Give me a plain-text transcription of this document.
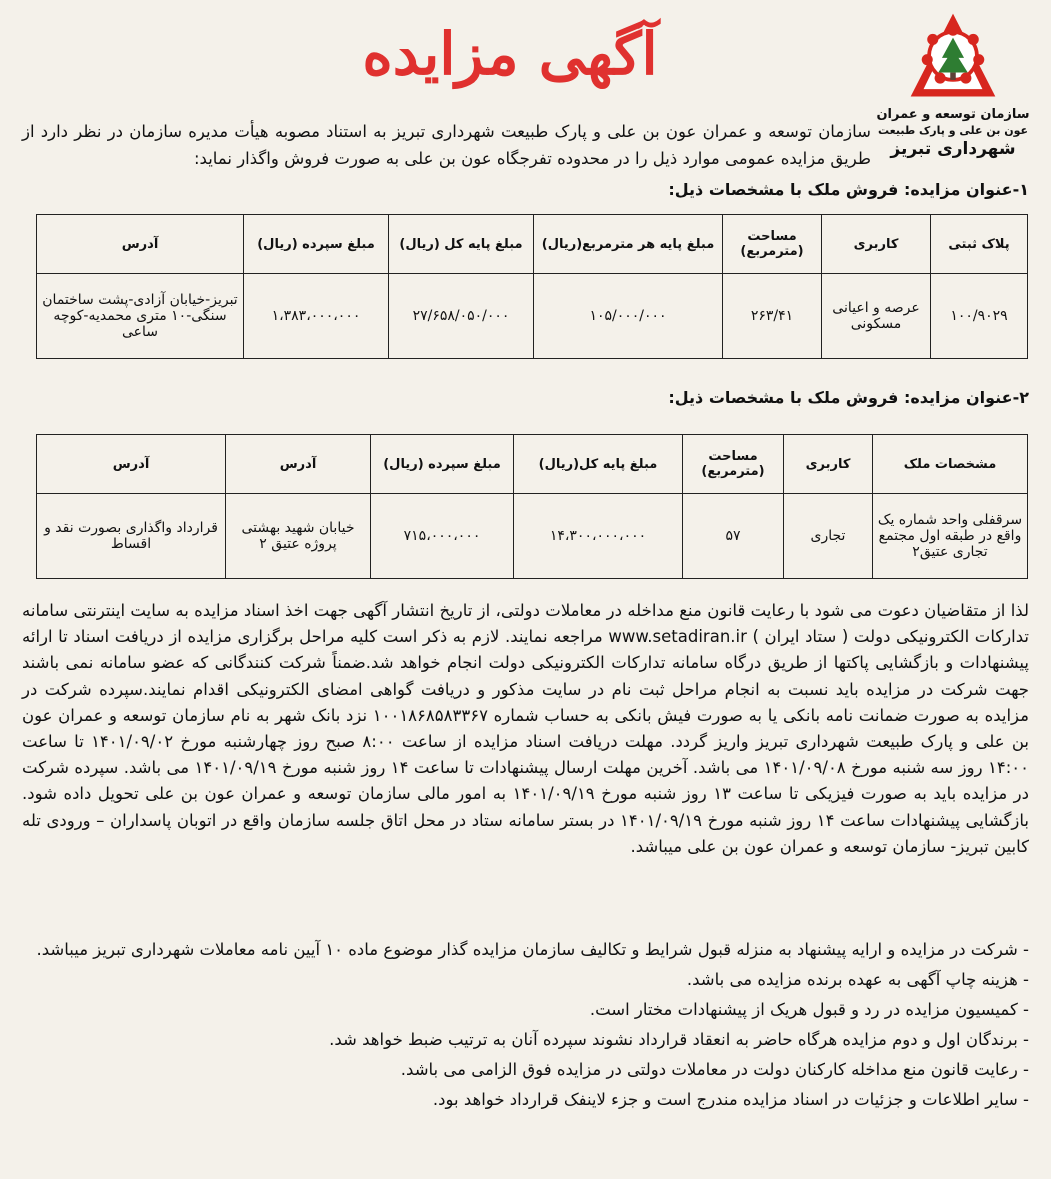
سازمان توسعه و عمران
عون بن علی و پارک طبیعت
شهرداری تبریز
آگهی مزایده
سازمان توسعه و عمران عون بن علی و پارک طبیعت شهرداری تبریز به استناد مصوبه هیأت مدیره سازمان در نظر دارد از طریق مزایده عمومی موارد ذیل را در محدوده تفرجگاه عون بن علی به صورت فروش واگذار نماید:
۱-عنوان مزایده: فروش ملک با مشخصات ذیل:
پلاک ثبتی	کاربری	مساحت (مترمربع)	مبلغ پایه هر مترمربع(ریال)	مبلغ پایه کل (ریال)	مبلغ سپرده (ریال)	آدرس
۱۰۰/۹۰۲۹	عرصه و اعیانی مسکونی	۲۶۳/۴۱	۱۰۵/۰۰۰/۰۰۰	۲۷/۶۵۸/۰۵۰/۰۰۰	۱،۳۸۳،۰۰۰،۰۰۰	تبریز-خیابان آزادی-پشت ساختمان سنگی-۱۰ متری محمدیه-کوچه ساعی
۲-عنوان مزایده: فروش ملک با مشخصات ذیل:
مشخصات ملک	کاربری	مساحت (مترمربع)	مبلغ پایه کل(ریال)	مبلغ سپرده (ریال)	آدرس	آدرس
سرقفلی واحد شماره یک واقع در طبقه اول مجتمع تجاری عتیق۲	تجاری	۵۷	۱۴،۳۰۰،۰۰۰،۰۰۰	۷۱۵،۰۰۰،۰۰۰	خیابان شهید بهشتی پروژه عتیق ۲	قرارداد واگذاری بصورت نقد و اقساط

لذا از متقاضیان دعوت می شود با رعایت قانون منع مداخله در معاملات دولتی، از تاریخ انتشار آگهی جهت اخذ اسناد مزایده به سایت اینترنتی سامانه تدارکات الکترونیکی دولت ( ستاد ایران ) www.setadiran.ir مراجعه نمایند. لازم به ذکر است کلیه مراحل برگزاری مزایده از دریافت اسناد تا ارائه پیشنهادات و بازگشایی پاکتها از طریق درگاه سامانه تدارکات الکترونیکی دولت انجام خواهد شد.ضمناً شرکت کنندگانی که عضو سامانه نمی باشند جهت شرکت در مزایده باید نسبت به انجام مراحل ثبت نام در سایت مذکور و دریافت گواهی امضای الکترونیکی اقدام نمایند.سپرده شرکت در مزایده به صورت ضمانت نامه بانکی یا به صورت فیش بانکی به حساب شماره ۱۰۰۱۸۶۸۵۸۳۳۶۷ نزد بانک شهر به نام سازمان توسعه و عمران عون بن علی و پارک طبیعت شهرداری تبریز واریز گردد. مهلت دریافت اسناد مزایده از ساعت ۸:۰۰ صبح روز چهارشنبه مورخ ۱۴۰۱/۰۹/۰۲ تا ساعت ۱۴:۰۰ روز سه شنبه مورخ ۱۴۰۱/۰۹/۰۸ می باشد. آخرین مهلت ارسال پیشنهادات تا ساعت ۱۴ روز شنبه مورخ ۱۴۰۱/۰۹/۱۹ می باشد. سپرده شرکت در مزایده باید به صورت فیزیکی تا ساعت ۱۳ روز شنبه مورخ ۱۴۰۱/۰۹/۱۹ به امور مالی سازمان توسعه و عمران عون بن علی تحویل داده شود. بازگشایی پیشنهادات ساعت ۱۴ روز شنبه مورخ ۱۴۰۱/۰۹/۱۹ در بستر سامانه ستاد در محل اتاق جلسه سازمان واقع در اتوبان پاسداران – ورودی تله کابین تبریز- سازمان توسعه و عمران عون بن علی میباشد.

- شرکت در مزایده و ارایه پیشنهاد به منزله قبول شرایط و تکالیف سازمان مزایده گذار موضوع ماده ۱۰ آیین نامه معاملات شهرداری تبریز میباشد.
- هزینه چاپ آگهی به عهده برنده مزایده می باشد.
- کمیسیون مزایده در رد و قبول هریک از پیشنهادات مختار است.
- برندگان اول و دوم مزایده هرگاه حاضر به انعقاد قرارداد نشوند سپرده آنان به ترتیب ضبط خواهد شد.
- رعایت قانون منع مداخله کارکنان دولت در معاملات دولتی در مزایده فوق الزامی می باشد.
- سایر اطلاعات و جزئیات در اسناد مزایده مندرج است و جزء لاینفک قرارداد خواهد بود.
